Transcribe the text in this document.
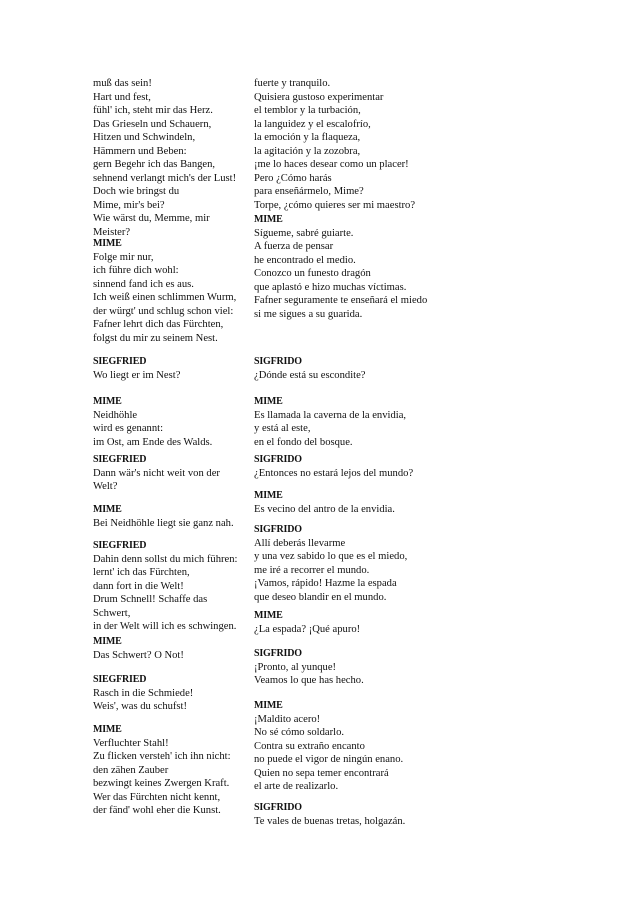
muß das sein!
Hart und fest,
fühl' ich, steht mir das Herz.
Das Grieseln und Schauern,
Hitzen und Schwindeln,
Hämmern und Beben:
gern Begehr ich das Bangen,
sehnend verlangt mich's der Lust!
Doch wie bringst du
Mime, mir's bei?
Wie wärst du, Memme, mir
Meister?
MIME
Folge mir nur,
ich führe dich wohl:
sinnend fand ich es aus.
Ich weiß einen schlimmen Wurm,
der würgt' und schlug schon viel:
Fafner lehrt dich das Fürchten,
folgst du mir zu seinem Nest.
SIEGFRIED
Wo liegt er im Nest?
MIME
Neidhöhle
wird es genannt:
im Ost, am Ende des Walds.
SIEGFRIED
Dann wär's nicht weit von der
Welt?
MIME
Bei Neidhöhle liegt sie ganz nah.
SIEGFRIED
Dahin denn sollst du mich führen:
lernt' ich das Fürchten,
dann fort in die Welt!
Drum Schnell! Schaffe das
Schwert,
in der Welt will ich es schwingen.
MIME
Das Schwert? O Not!
SIEGFRIED
Rasch in die Schmiede!
Weis', was du schufst!
MIME
Verfluchter Stahl!
Zu flicken versteh' ich ihn nicht:
den zähen Zauber
bezwingt keines Zwergen Kraft.
Wer das Fürchten nicht kennt,
der fänd' wohl eher die Kunst.
fuerte y tranquilo.
Quisiera gustoso experimentar
el temblor y la turbación,
la languidez y el escalofrío,
la emoción y la flaqueza,
la agitación y la zozobra,
¡me lo haces desear como un placer!
Pero ¿Cómo harás
para enseñármelo, Mime?
Torpe, ¿cómo quieres ser mi maestro?
MIME
Sígueme, sabré guiarte.
A fuerza de pensar
he encontrado el medio.
Conozco un funesto dragón
que aplastó e hizo muchas víctimas.
Fafner seguramente te enseñará el miedo
si me sigues a su guarida.
SIGFRIDO
¿Dónde está su escondite?
MIME
Es llamada la caverna de la envidia,
y está al este,
en el fondo del bosque.
SIGFRIDO
¿Entonces no estará lejos del mundo?
MIME
Es vecino del antro de la envidia.
SIGFRIDO
Allí deberás llevarme
y una vez sabido lo que es el miedo,
me iré a recorrer el mundo.
¡Vamos, rápido! Hazme la espada
que deseo blandir en el mundo.
MIME
¿La espada? ¡Qué apuro!
SIGFRIDO
¡Pronto, al yunque!
Veamos lo que has hecho.
MIME
¡Maldito acero!
No sé cómo soldarlo.
Contra su extraño encanto
no puede el vigor de ningún enano.
Quien no sepa temer encontrará
el arte de realizarlo.
SIGFRIDO
Te vales de buenas tretas, holgazán.
